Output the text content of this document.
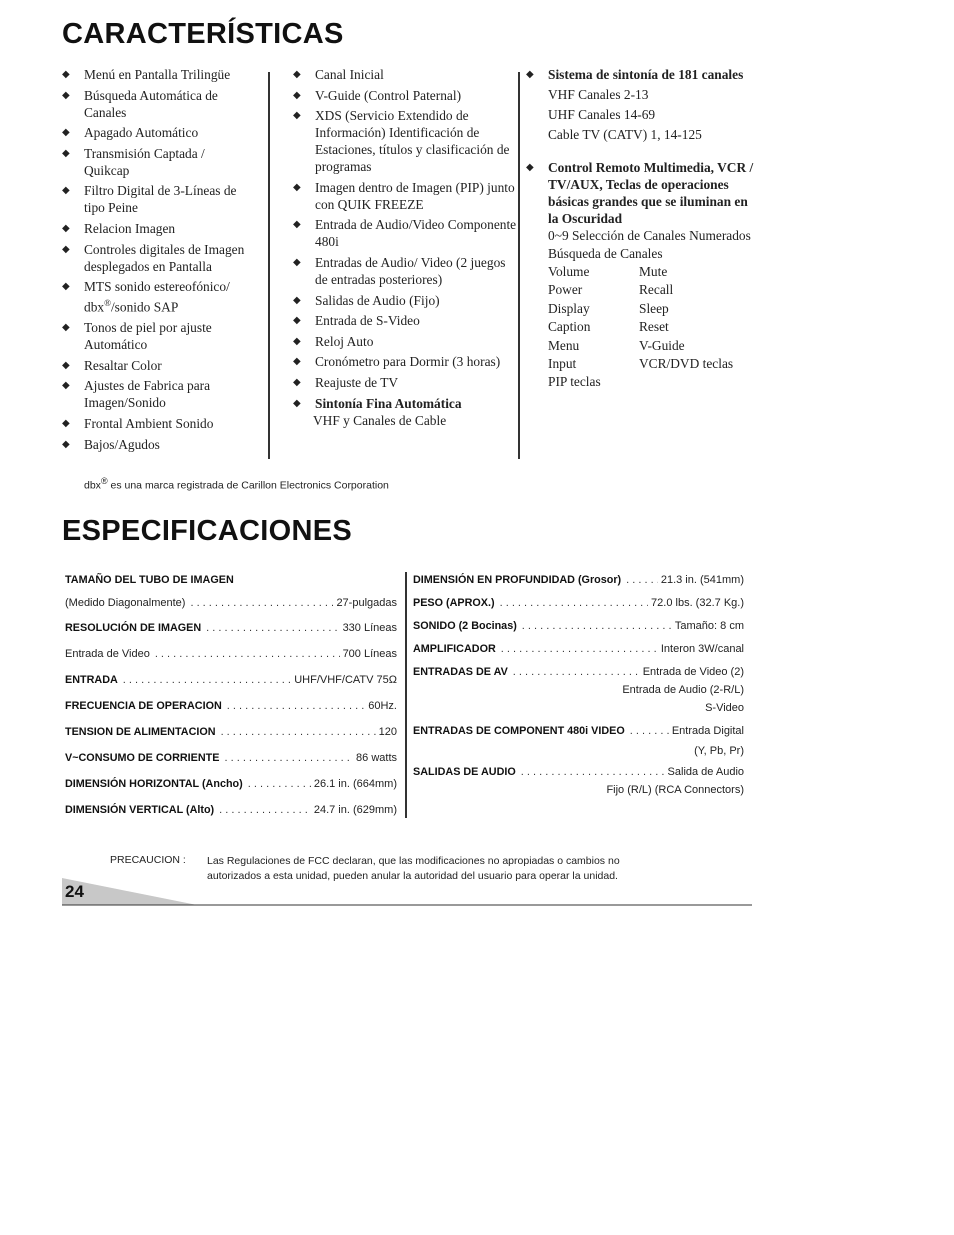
CARACTERÍSTICAS
◆ Menú en Pantalla Trilingüe
◆ Búsqueda Automática de Canales
◆ Apagado Automático
◆ Transmisión Captada / Quikcap
◆ Filtro Digital de 3-Líneas de tipo Peine
◆ Relacion Imagen
◆ Controles digitales de Imagen desplegados en Pantalla
◆ MTS sonido estereofónico/
dbx®/sonido SAP
◆ Tonos de piel por ajuste Automático
◆ Resaltar Color
◆ Ajustes de Fabrica para Imagen/Sonido
◆ Frontal Ambient Sonido
◆ Bajos/Agudos
◆ Canal Inicial
◆ V-Guide (Control Paternal)
◆ XDS (Servicio Extendido de Información) Identificación de Estaciones, títulos y clasificación de programas
◆ Imagen dentro de Imagen (PIP) junto con QUIK FREEZE
◆ Entrada de Audio/Video Componente 480i
◆ Entradas de Audio/ Video (2 juegos de entradas posteriores)
◆ Salidas de Audio (Fijo)
◆ Entrada de S-Video
◆ Reloj Auto
◆ Cronómetro para Dormir (3 horas)
◆ Reajuste de TV
◆ Sintonía Fina Automática
VHF y Canales de Cable
◆ Sistema de sintonía de 181 canales
VHF Canales 2-13
UHF Canales 14-69
Cable TV (CATV) 1, 14-125
◆ Control Remoto Multimedia, VCR / TV/AUX, Teclas de operaciones básicas grandes que se iluminan en la Oscuridad
0~9 Selección de Canales Numerados
Búsqueda de Canales
Volume	Mute
Power	Recall
Display	Sleep
Caption	Reset
Menu	V-Guide
Input	VCR/DVD teclas
PIP teclas
dbx® es una marca registrada de Carillon Electronics Corporation
ESPECIFICACIONES
TAMAÑO DEL TUBO DE IMAGEN
(Medido Diagonalmente) . . .	27-pulgadas
RESOLUCIÓN DE IMAGEN . . .	330 Líneas
Entrada de Video . . .	700 Líneas
ENTRADA . . .	UHF/VHF/CATV 75Ω
FRECUENCIA DE OPERACION . . .	60Hz.
TENSION DE ALIMENTACION . . .	120
V~CONSUMO DE CORRIENTE . . .	86 watts
DIMENSIÓN HORIZONTAL (Ancho) . . .	26.1 in. (664mm)
DIMENSIÓN VERTICAL (Alto) . . .	24.7 in. (629mm)
DIMENSIÓN EN PROFUNDIDAD (Grosor) . . .	21.3 in. (541mm)
PESO (APROX.) . . .	72.0 lbs. (32.7 Kg.)
SONIDO (2 Bocinas) . . .	Tamaño: 8 cm
AMPLIFICADOR . . .	Interon 3W/canal
ENTRADAS DE AV . . .	Entrada de Video (2)
Entrada de Audio (2-R/L)
S-Video
ENTRADAS DE COMPONENT 480i VIDEO . . .	Entrada Digital
(Y, Pb, Pr)
SALIDAS DE AUDIO . . .	Salida de Audio
Fijo (R/L) (RCA Connectors)
PRECAUCION : Las Regulaciones de FCC declaran, que las modificaciones no apropiadas o cambios no autorizados a esta unidad, pueden anular la autoridad del usuario para operar la unidad.
24
